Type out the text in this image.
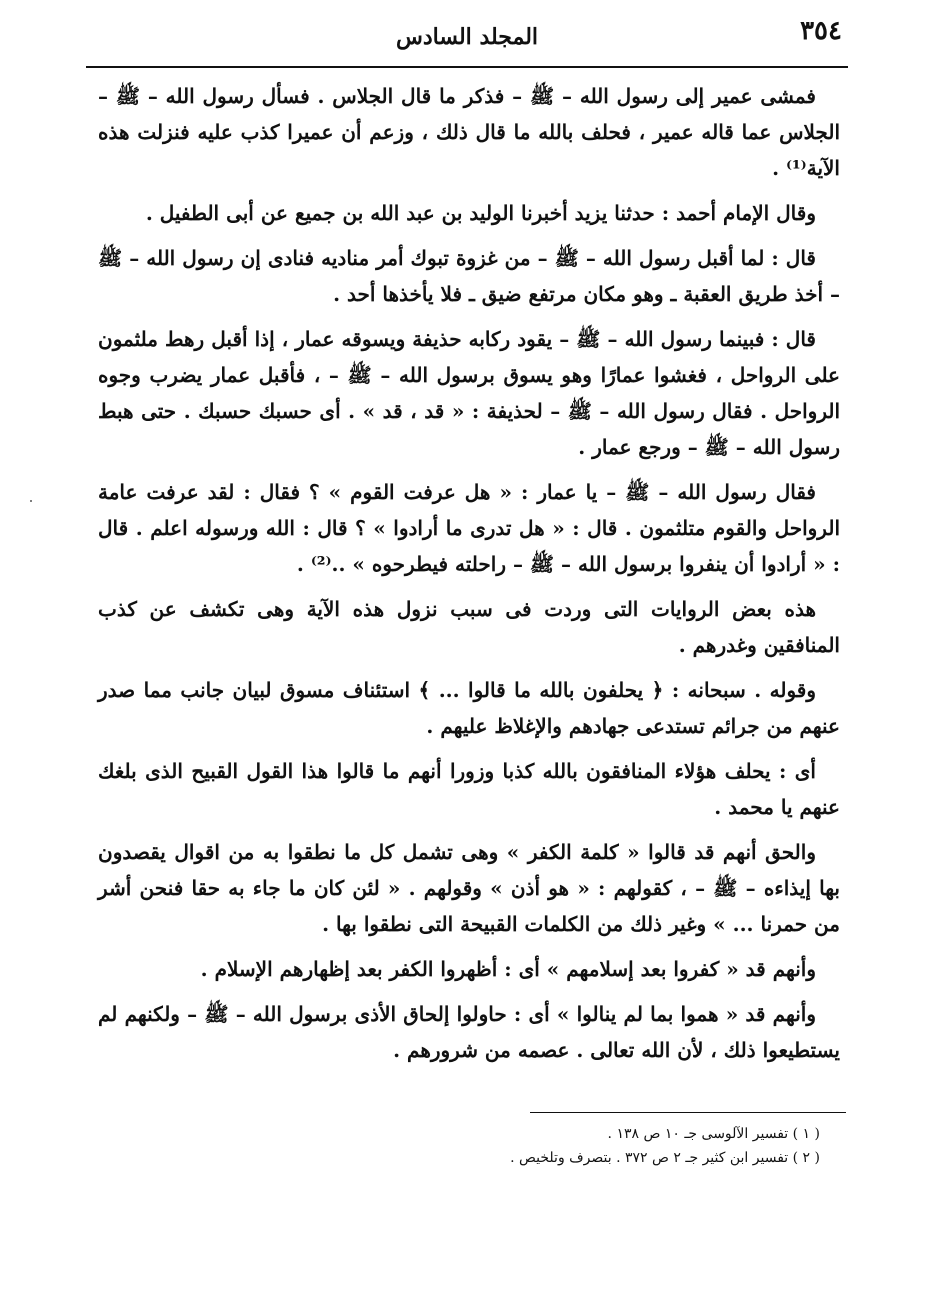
٣٥٤
المجلد السادس

فمشى عمير إلى رسول الله – ﷺ – فذكر ما قال الجلاس . فسأل رسول الله – ﷺ – الجلاس عما قاله عمير ، فحلف بالله ما قال ذلك ، وزعم أن عميرا كذب عليه فنزلت هذه الآية⁽¹⁾ .

وقال الإمام أحمد : حدثنا يزيد أخبرنا الوليد بن عبد الله بن جميع عن أبى الطفيل .

قال : لما أقبل رسول الله – ﷺ – من غزوة تبوك أمر مناديه فنادى إن رسول الله – ﷺ – أخذ طريق العقبة ـ وهو مكان مرتفع ضيق ـ فلا يأخذها أحد .

قال : فبينما رسول الله – ﷺ – يقود ركابه حذيفة ويسوقه عمار ، إذا أقبل رهط ملثمون على الرواحل ، فغشوا عمارًا وهو يسوق برسول الله – ﷺ – ، فأقبل عمار يضرب وجوه الرواحل . فقال رسول الله – ﷺ – لحذيفة : « قد ، قد » . أى حسبك حسبك . حتى هبط رسول الله – ﷺ – ورجع عمار .

فقال رسول الله – ﷺ – يا عمار : « هل عرفت القوم » ؟ فقال : لقد عرفت عامة الرواحل والقوم متلثمون . قال : « هل تدرى ما أرادوا » ؟ قال : الله ورسوله اعلم . قال : « أرادوا أن ينفروا برسول الله – ﷺ – راحلته فيطرحوه » ..⁽²⁾ .

هذه بعض الروايات التى وردت فى سبب نزول هذه الآية وهى تكشف عن كذب المنافقين وغدرهم .

وقوله . سبحانه : ﴿ يحلفون بالله ما قالوا ... ﴾ استئناف مسوق لبيان جانب مما صدر عنهم من جرائم تستدعى جهادهم والإغلاظ عليهم .

أى : يحلف هؤلاء المنافقون بالله كذبا وزورا أنهم ما قالوا هذا القول القبيح الذى بلغك عنهم يا محمد .

والحق أنهم قد قالوا « كلمة الكفر » وهى تشمل كل ما نطقوا به من اقوال يقصدون بها إيذاءه – ﷺ – ، كقولهم : « هو أذن » وقولهم . « لئن كان ما جاء به حقا فنحن أشر من حمرنا ... » وغير ذلك من الكلمات القبيحة التى نطقوا بها .

وأنهم قد « كفروا بعد إسلامهم » أى : أظهروا الكفر بعد إظهارهم الإسلام .

وأنهم قد « هموا بما لم ينالوا » أى : حاولوا إلحاق الأذى برسول الله – ﷺ – ولكنهم لم يستطيعوا ذلك ، لأن الله تعالى . عصمه من شرورهم .

( ١ ) تفسير الآلوسى جـ ١٠ ص ١٣٨ .

( ٢ ) تفسير ابن كثير جـ ٢ ص ٣٧٢ . بتصرف وتلخيص .
